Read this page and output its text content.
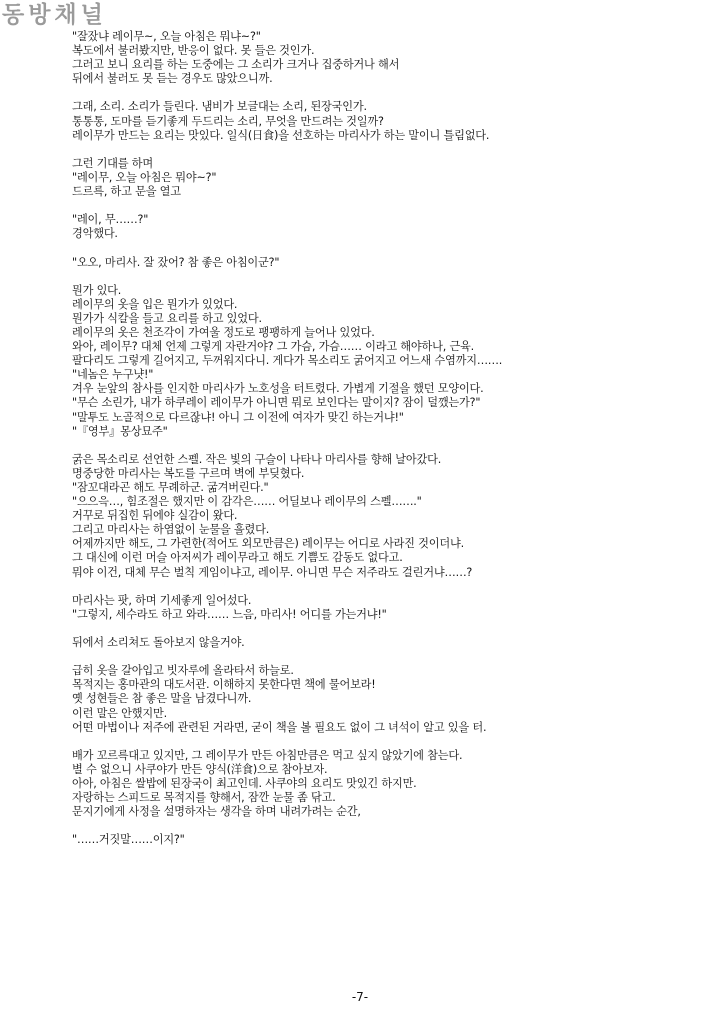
동방채널
"잘잤냐 레이무~, 오늘 아침은 뭐냐~?"
복도에서 불러봤지만, 반응이 없다. 못 들은 것인가.
그러고 보니 요리를 하는 도중에는 그 소리가 크거나 집중하거나 해서
뒤에서 불러도 못 듣는 경우도 많았으니까.
그래, 소리. 소리가 들린다. 냄비가 보글대는 소리, 된장국인가.
통통통, 도마를 듣기좋게 두드리는 소리, 무엇을 만드려는 것일까?
레이무가 만드는 요리는 맛있다. 일식(日食)을 선호하는 마리사가 하는 말이니 틀림없다.
그런 기대를 하며
"레이무, 오늘 아침은 뭐야~?"
드르륵, 하고 문을 열고
"레이, 무……?"
경악했다.
"오오, 마리사. 잘 잤어? 참 좋은 아침이군?"
뭔가 있다.
레이무의 옷을 입은 뭔가가 있었다.
뭔가가 식칼을 들고 요리를 하고 있었다.
레이무의 옷은 천조각이 가여울 정도로 팽팽하게 늘어나 있었다.
와아, 레이무? 대체 언제 그렇게 자란거야? 그 가슴, 가슴…… 이라고 해야하나, 근육.
팔다리도 그렇게 길어지고, 두꺼워지다니. 게다가 목소리도 굵어지고 어느새 수염까지…….
"네놈은 누구냣!"
겨우 눈앞의 참사를 인지한 마리사가 노호성을 터트렸다. 가볍게 기절을 했던 모양이다.
"무슨 소린가, 내가 하쿠레이 레이무가 아니면 뭐로 보인다는 말이지? 잠이 덜깼는가?"
"말투도 노골적으로 다르잖냐! 아니 그 이전에 여자가 맞긴 하는거냐!"
"『영부』몽상묘주"
굵은 목소리로 선언한 스펠. 작은 빛의 구슬이 나타나 마리사를 향해 날아갔다.
명중당한 마리사는 복도를 구르며 벽에 부딪혔다.
"잠꼬대라곤 해도 무례하군. 굶겨버린다."
"으으윽…, 힘조절은 했지만 이 감각은…… 어딜보나 레이무의 스펠……."
거꾸로 뒤집힌 뒤에야 실감이 왔다.
그리고 마리사는 하염없이 눈물을 흘렸다.
어제까지만 해도, 그 가련한(적어도 외모만큼은) 레이무는 어디로 사라진 것이더냐.
그 대신에 이런 머슬 아저씨가 레이무라고 해도 기쁨도 감동도 없다고.
뭐야 이건, 대체 무슨 벌칙 게임이냐고, 레이무. 아니면 무슨 저주라도 걸린거냐……?
마리사는 팟, 하며 기세좋게 일어섰다.
"그렇지, 세수라도 하고 와라…… 느음, 마리사! 어디를 가는거냐!"
뒤에서 소리쳐도 돌아보지 않을거야.
급히 옷을 갈아입고 빗자루에 올라타서 하늘로.
목적지는 홍마관의 대도서관. 이해하지 못한다면 책에 물어보라!
옛 성현들은 참 좋은 말을 남겼다니까.
이런 말은 안했지만.
어떤 마법이나 저주에 관련된 거라면, 굳이 책을 볼 필요도 없이 그 녀석이 알고 있을 터.
배가 꼬르륵대고 있지만, 그 레이무가 만든 아침만큼은 먹고 싶지 않았기에 참는다.
별 수 없으니 사쿠야가 만든 양식(洋食)으로 참아보자.
아아, 아침은 쌀밥에 된장국이 최고인데. 사쿠야의 요리도 맛있긴 하지만.
자랑하는 스피드로 목적지를 향해서, 잠깐 눈물 좀 닦고.
문지기에게 사정을 설명하자는 생각을 하며 내려가려는 순간,
"……거짓말……이지?"
-7-
